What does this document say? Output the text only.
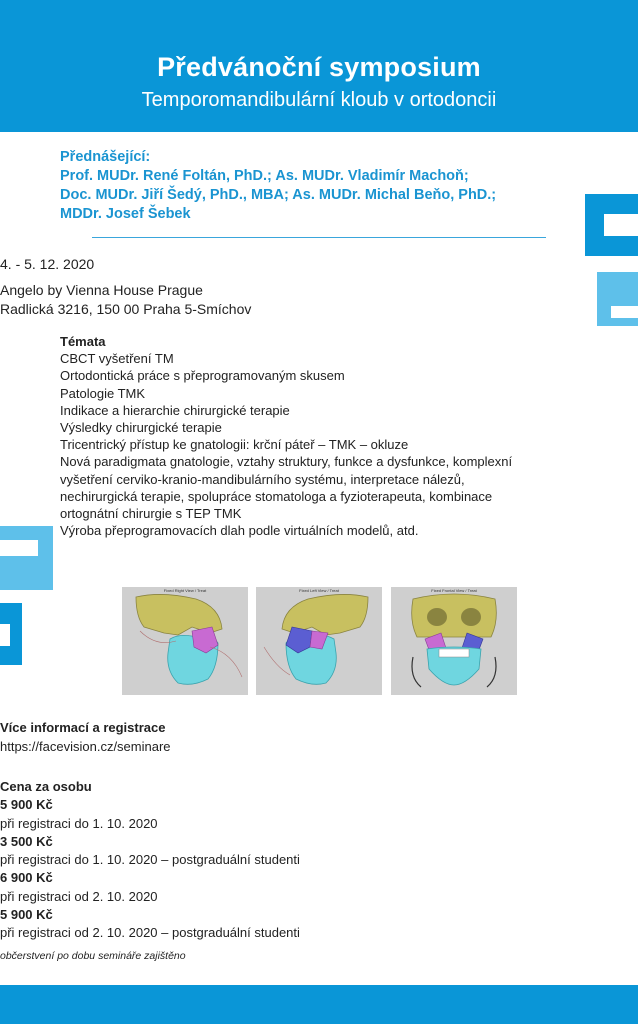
Předvánoční symposium
Temporomandibulární kloub v ortodoncii
Přednášející:
Prof. MUDr. René Foltán, PhD.; As. MUDr. Vladimír Machoň;
Doc. MUDr. Jiří Šedý, PhD., MBA; As. MUDr. Michal Beňo, PhD.;
MDDr. Josef Šebek
4. - 5. 12. 2020
Angelo by Vienna House Prague
Radlická 3216, 150 00 Praha 5-Smíchov
Témata
CBCT vyšetření TM
Ortodontická práce s přeprogramovaným skusem
Patologie TMK
Indikace a hierarchie chirurgické terapie
Výsledky chirurgické terapie
Tricentrický přístup ke gnatologii: krční páteř – TMK – okluze
Nová paradigmata gnatologie, vztahy struktury, funkce a dysfunkce, komplexní
vyšetření cerviko-kranio-mandibulárního systému, interpretace nálezů,
nechirurgická terapie, spolupráce stomatologa a fyzioterapeuta, kombinace
ortognátní chirurgie s TEP TMK
Výroba přeprogramovacích dlah podle virtuálních modelů, atd.
Fixed Right View / Treat	Fixed Left View / Treat	Fixed Frontal View / Treat
Více informací a registrace
https://facevision.cz/seminare
Cena za osobu
5 900 Kč
při registraci do 1. 10. 2020
3 500 Kč
při registraci do 1. 10. 2020 – postgraduální studenti
6 900 Kč
při registraci od 2. 10. 2020
5 900 Kč
při registraci od 2. 10. 2020 – postgraduální studenti
občerstvení po dobu semináře zajištěno
